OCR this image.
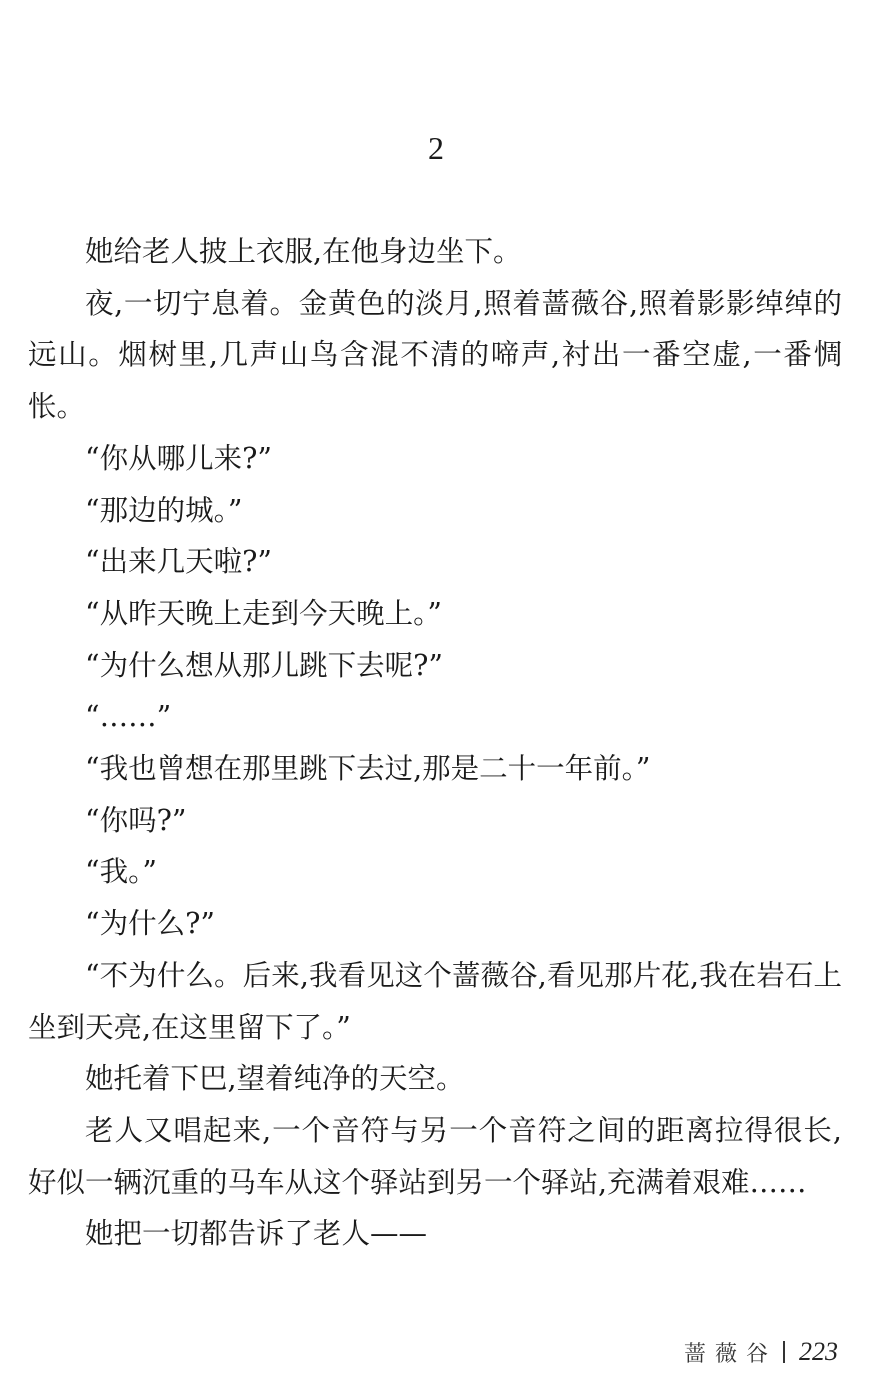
2

她给老人披上衣服,在他身边坐下。

夜,一切宁息着。金黄色的淡月,照着蔷薇谷,照着影影绰绰的远山。烟树里,几声山鸟含混不清的啼声,衬出一番空虚,一番惆怅。

“你从哪儿来?”

“那边的城。”

“出来几天啦?”

“从昨天晚上走到今天晚上。”

“为什么想从那儿跳下去呢?”

“……”

“我也曾想在那里跳下去过,那是二十一年前。”

“你吗?”

“我。”

“为什么?”

“不为什么。后来,我看见这个蔷薇谷,看见那片花,我在岩石上坐到天亮,在这里留下了。”

她托着下巴,望着纯净的天空。

老人又唱起来,一个音符与另一个音符之间的距离拉得很长,好似一辆沉重的马车从这个驿站到另一个驿站,充满着艰难……

她把一切都告诉了老人——

蔷薇谷 223
